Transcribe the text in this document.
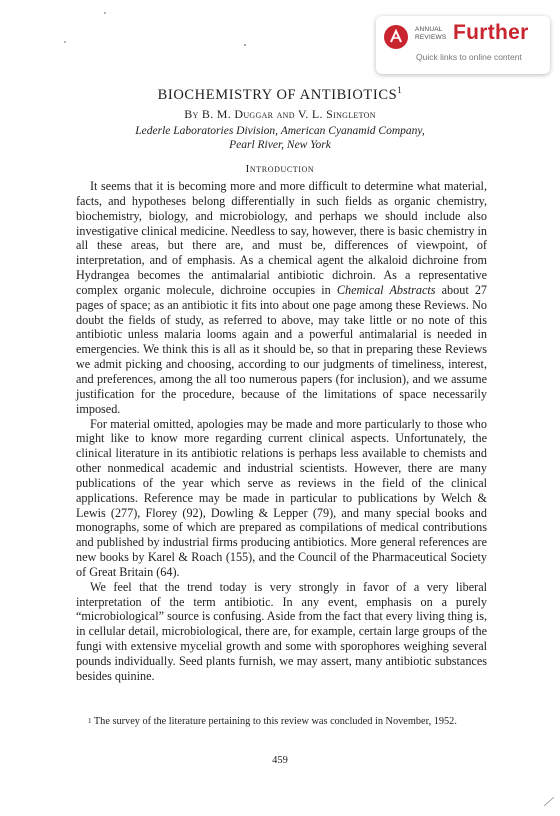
ANNUAL
REVIEWS Further
Quick links to online content
BIOCHEMISTRY OF ANTIBIOTICS$^1$
By B. M. Duggar and V. L. Singleton
Lederle Laboratories Division, American Cyanamid Company,
Pearl River, New York
Introduction

It seems that it is becoming more and more difficult to determine what material, facts, and hypotheses belong differentially in such fields as organic chemistry, biochemistry, biology, and microbiology, and perhaps we should include also investigative clinical medicine. Needless to say, however, there is basic chemistry in all these areas, but there are, and must be, differences of viewpoint, of interpretation, and of emphasis. As a chemical agent the alkaloid dichroine from Hydrangea becomes the antimalarial antibiotic dichroin. As a representative complex organic molecule, dichroine occupies in Chemical Abstracts about 27 pages of space; as an antibiotic it fits into about one page among these Reviews. No doubt the fields of study, as referred to above, may take little or no note of this antibiotic unless malaria looms again and a powerful antimalarial is needed in emergencies. We think this is all as it should be, so that in preparing these Reviews we admit picking and choosing, according to our judgments of timeliness, interest, and preferences, among the all too numerous papers (for inclusion), and we assume justification for the procedure, because of the limitations of space necessarily imposed.

For material omitted, apologies may be made and more particularly to those who might like to know more regarding current clinical aspects. Unfortunately, the clinical literature in its antibiotic relations is perhaps less available to chemists and other nonmedical academic and industrial scientists. However, there are many publications of the year which serve as reviews in the field of the clinical applications. Reference may be made in particular to publications by Welch & Lewis (277), Florey (92), Dowling & Lepper (79), and many special books and monographs, some of which are prepared as compilations of medical contributions and published by industrial firms producing antibiotics. More general references are new books by Karel & Roach (155), and the Council of the Pharmaceutical Society of Great Britain (64).

We feel that the trend today is very strongly in favor of a very liberal interpretation of the term antibiotic. In any event, emphasis on a purely “microbiological” source is confusing. Aside from the fact that every living thing is, in cellular detail, microbiological, there are, for example, certain large groups of the fungi with extensive mycelial growth and some with sporophores weighing several pounds individually. Seed plants furnish, we may assert, many antibiotic substances besides quinine.

$^1$ The survey of the literature pertaining to this review was concluded in November, 1952.
459
